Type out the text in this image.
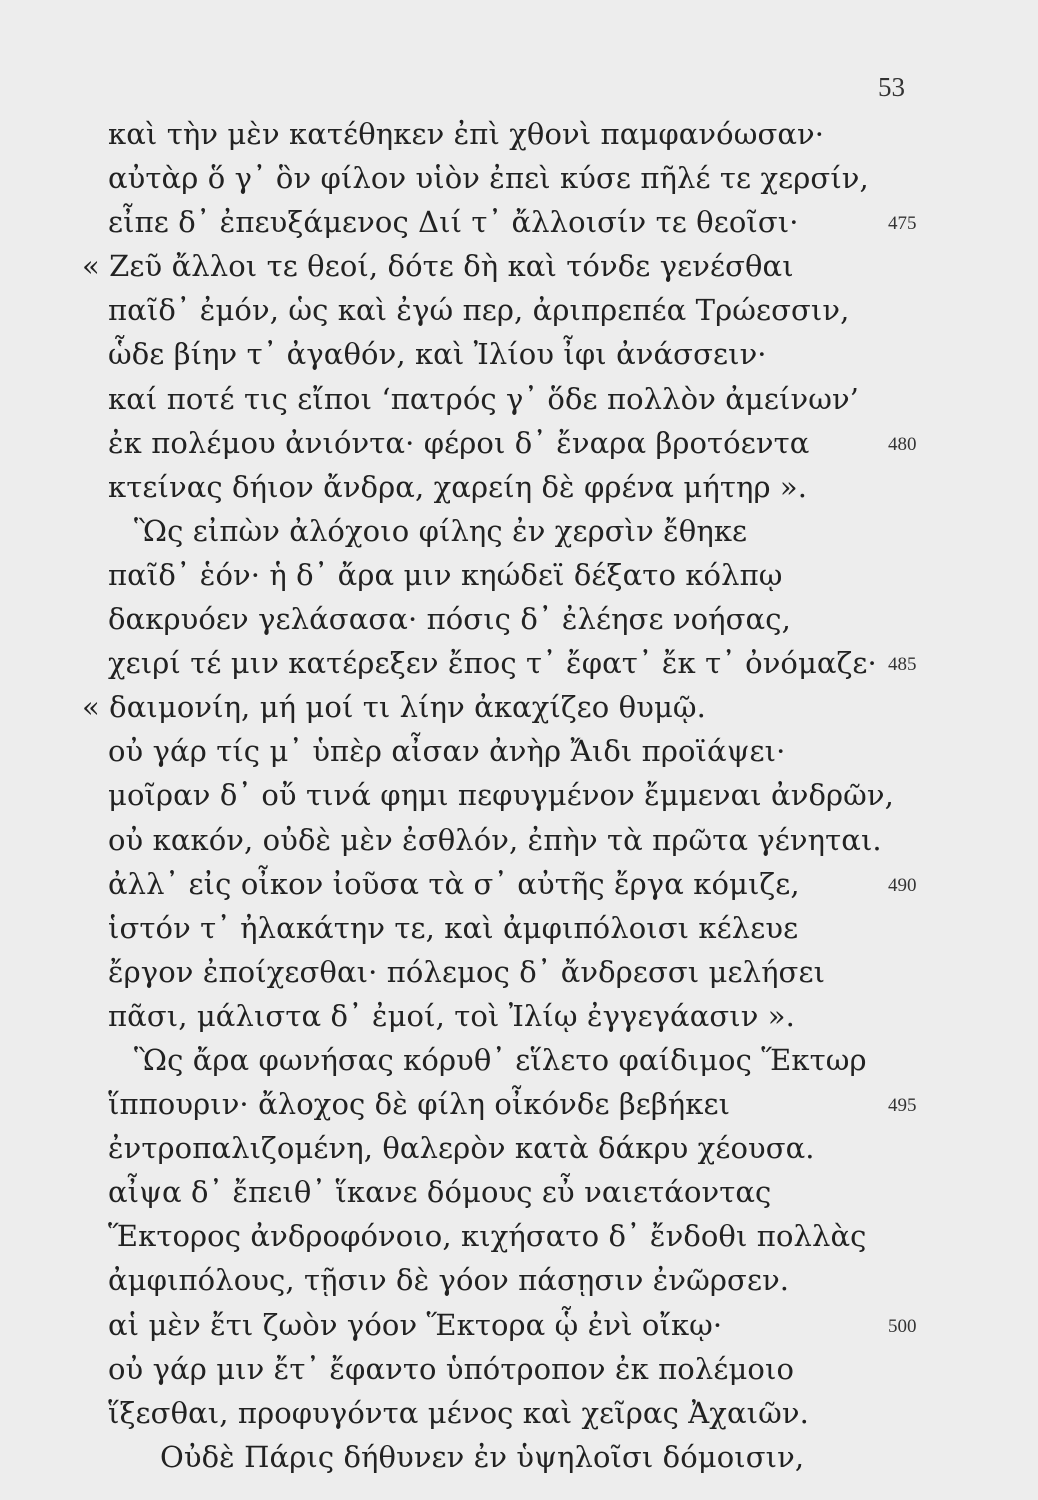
53
καὶ τὴν μὲν κατέθηκεν ἐπὶ χθονὶ παμφανόωσαν·
αὐτὰρ ὅ γ᾽ ὃν φίλον υἱὸν ἐπεὶ κύσε πῆλέ τε χερσίν,
εἶπε δ᾽ ἐπευξάμενος Διί τ᾽ ἄλλοισίν τε θεοῖσι·	475
« Ζεῦ ἄλλοι τε θεοί, δότε δὴ καὶ τόνδε γενέσθαι
παῖδ᾽ ἐμόν, ὡς καὶ ἐγώ περ, ἀριπρεπέα Τρώεσσιν,
ὧδε βίην τ᾽ ἀγαθόν, καὶ Ἰλίου ἶφι ἀνάσσειν·
καί ποτέ τις εἴποι ‘πατρός γ᾽ ὅδε πολλὸν ἀμείνων’
ἐκ πολέμου ἀνιόντα· φέροι δ᾽ ἔναρα βροτόεντα	480
κτείνας δήιον ἄνδρα, χαρείη δὲ φρένα μήτηρ ».
Ὣς εἰπὼν ἀλόχοιο φίλης ἐν χερσὶν ἔθηκε
παῖδ᾽ ἑόν· ἡ δ᾽ ἄρα μιν κηώδεϊ δέξατο κόλπῳ
δακρυόεν γελάσασα· πόσις δ᾽ ἐλέησε νοήσας,
χειρί τέ μιν κατέρεξεν ἔπος τ᾽ ἔφατ᾽ ἔκ τ᾽ ὀνόμαζε· 485
« δαιμονίη, μή μοί τι λίην ἀκαχίζεο θυμῷ.
οὐ γάρ τίς μ᾽ ὑπὲρ αἶσαν ἀνὴρ Ἄιδι προϊάψει·
μοῖραν δ᾽ οὔ τινά φημι πεφυγμένον ἔμμεναι ἀνδρῶν,
οὐ κακόν, οὐδὲ μὲν ἐσθλόν, ἐπὴν τὰ πρῶτα γένηται.
ἀλλ᾽ εἰς οἶκον ἰοῦσα τὰ σ᾽ αὐτῆς ἔργα κόμιζε,	490
ἱστόν τ᾽ ἠλακάτην τε, καὶ ἀμφιπόλοισι κέλευε
ἔργον ἐποίχεσθαι· πόλεμος δ᾽ ἄνδρεσσι μελήσει
πᾶσι, μάλιστα δ᾽ ἐμοί, τοὶ Ἰλίῳ ἐγγεγάασιν ».
Ὣς ἄρα φωνήσας κόρυθ᾽ εἵλετο φαίδιμος Ἕκτωρ
ἵππουριν· ἄλοχος δὲ φίλη οἶκόνδε βεβήκει	495
ἐντροπαλιζομένη, θαλερὸν κατὰ δάκρυ χέουσα.
αἶψα δ᾽ ἔπειθ᾽ ἵκανε δόμους εὖ ναιετάοντας
Ἕκτορος ἀνδροφόνοιο, κιχήσατο δ᾽ ἔνδοθι πολλὰς
ἀμφιπόλους, τῇσιν δὲ γόον πάσῃσιν ἐνῶρσεν.
αἱ μὲν ἔτι ζωὸν γόον Ἕκτορα ᾧ ἐνὶ οἴκῳ·	500
οὐ γάρ μιν ἔτ᾽ ἔφαντο ὑπότροπον ἐκ πολέμοιο
ἵξεσθαι, προφυγόντα μένος καὶ χεῖρας Ἀχαιῶν.
Οὐδὲ Πάρις δήθυνεν ἐν ὑψηλοῖσι δόμοισιν,
